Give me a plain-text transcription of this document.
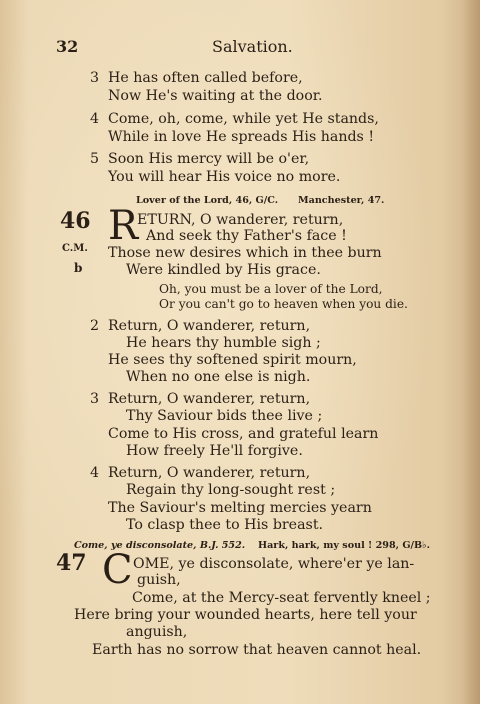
32	Salvation.
3 He has often called before,
Now He's waiting at the door.
4 Come, oh, come, while yet He stands,
While in love He spreads His hands !
5 Soon His mercy will be o'er,
You will hear His voice no more.
Lover of the Lord, 46, G/C. Manchester, 47.
46
C.M.
b
R
ETURN, O wanderer, return,
And seek thy Father's face !
Those new desires which in thee burn
Were kindled by His grace.
Oh, you must be a lover of the Lord,
Or you can't go to heaven when you die.
2 Return, O wanderer, return,
He hears thy humble sigh ;
He sees thy softened spirit mourn,
When no one else is nigh.
3 Return, O wanderer, return,
Thy Saviour bids thee live ;
Come to His cross, and grateful learn
How freely He'll forgive.
4 Return, O wanderer, return,
Regain thy long-sought rest ;
The Saviour's melting mercies yearn
To clasp thee to His breast.
Come, ye disconsolate, B.J. 552. Hark, hark, my soul ! 298, G/B♭.
47 C OME, ye disconsolate, where'er ye lan-
guish,
Come, at the Mercy-seat fervently kneel ;
Here bring your wounded hearts, here tell your
anguish,
Earth has no sorrow that heaven cannot heal.
